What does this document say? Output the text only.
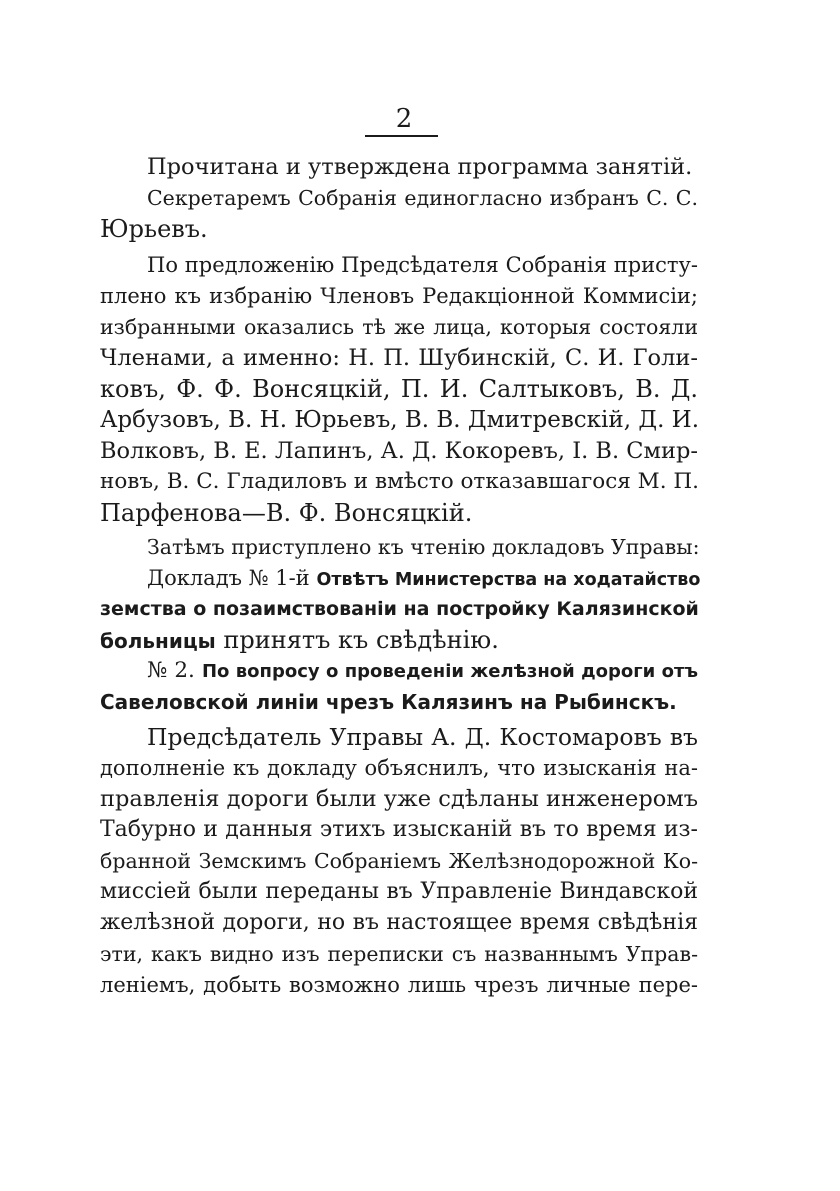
2
Прочитана и утверждена программа занятій.
Секретаремъ Собранія единогласно избранъ С. С.
Юрьевъ.
По предложенію Предсѣдателя Собранія присту-
плено къ избранію Членовъ Редакціонной Коммисіи;
избранными оказались тѣ же лица, которыя состояли
Членами, а именно: Н. П. Шубинскій, С. И. Голи-
ковъ, Ф. Ф. Вонсяцкій, П. И. Салтыковъ, В. Д.
Арбузовъ, В. Н. Юрьевъ, В. В. Дмитревскій, Д. И.
Волковъ, В. Е. Лапинъ, А. Д. Кокоревъ, І. В. Смир-
новъ, В. С. Гладиловъ и вмѣсто отказавшагося М. П.
Парфенова—В. Ф. Вонсяцкій.
Затѣмъ приступлено къ чтенію докладовъ Управы:
Докладъ № 1-й Отвѣтъ Министерства на ходатайство
земства о позаимствованіи на постройку Калязинской
больницы принятъ къ свѣдѣнію.
№ 2. По вопросу о проведеніи желѣзной дороги отъ
Савеловской линіи чрезъ Калязинъ на Рыбинскъ.
Предсѣдатель Управы А. Д. Костомаровъ въ
дополненіе къ докладу объяснилъ, что изысканія на-
правленія дороги были уже сдѣланы инженеромъ
Табурно и данныя этихъ изысканій въ то время из-
бранной Земскимъ Собраніемъ Желѣзнодорожной Ко-
миссіей были переданы въ Управленіе Виндавской
желѣзной дороги, но въ настоящее время свѣдѣнія
эти, какъ видно изъ переписки съ названнымъ Управ-
леніемъ, добыть возможно лишь чрезъ личные пере-
